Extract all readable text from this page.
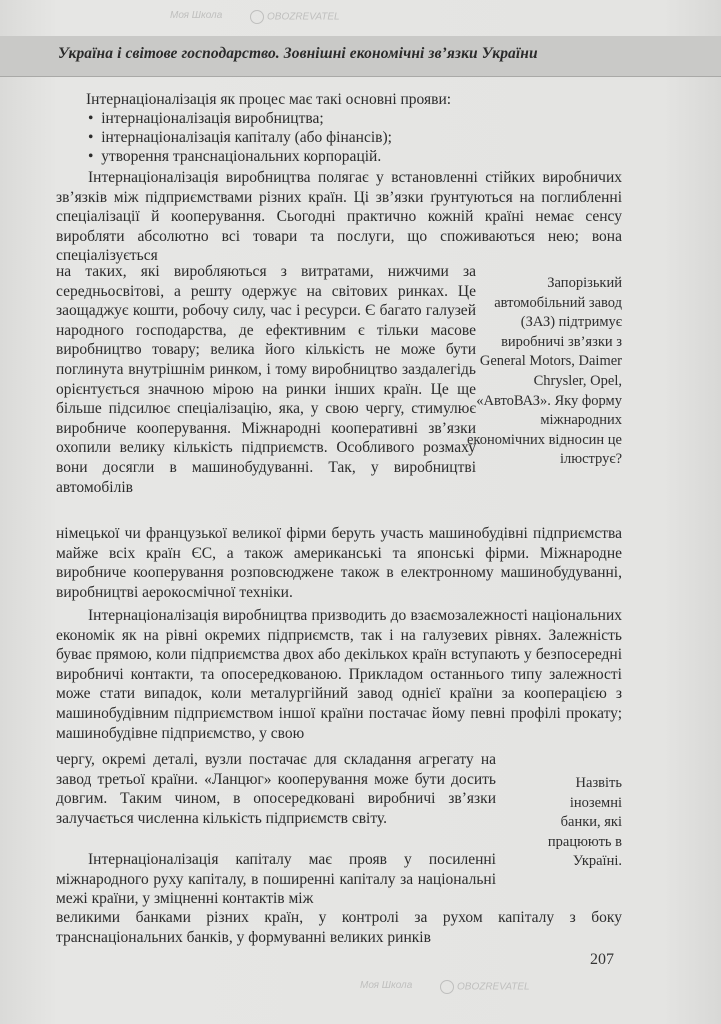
Україна і світове господарство. Зовнішні економічні зв’язки України
Інтернаціоналізація як процес має такі основні прояви:
•  інтернаціоналізація виробництва;
•  інтернаціоналізація капіталу (або фінансів);
•  утворення транснаціональних корпорацій.

Інтернаціоналізація виробництва полягає у встановленні стійких виробничих зв’язків між підприємствами різних країн. Ці зв’язки ґрунтуються на поглибленні спеціалізації й кооперування. Сьогодні практично кожній країні немає сенсу виробляти абсолютно всі товари та послуги, що споживаються нею; вона спеціалізується

на таких, які виробляються з витратами, нижчими за середньосвітові, а решту одержує на світових ринках. Це заощаджує кошти, робочу силу, час і ресурси. Є багато галузей народного господарства, де ефективним є тільки масове виробництво товару; велика його кількість не може бути поглинута внутрішнім ринком, і тому виробництво заздалегідь орієнтується значною мірою на ринки інших країн. Це ще більше підсилює спеціалізацію, яка, у свою чергу, стимулює виробниче кооперування. Міжнародні кооперативні зв’язки охопили велику кількість підприємств. Особливого розмаху вони досягли в машинобудуванні. Так, у виробництві автомобілів

німецької чи французької великої фірми беруть участь машинобудівні підприємства майже всіх країн ЄС, а також американські та японські фірми. Міжнародне виробниче кооперування розповсюджене також в електронному машинобудуванні, виробництві аерокосмічної техніки.

Інтернаціоналізація виробництва призводить до взаємозалежності національних економік як на рівні окремих підприємств, так і на галузевих рівнях. Залежність буває прямою, коли підприємства двох або декількох країн вступають у безпосередні виробничі контакти, та опосередкованою. Прикладом останнього типу залежності може стати випадок, коли металургійний завод однієї країни за кооперацією з машинобудівним підприємством іншої країни постачає йому певні профілі прокату; машинобудівне підприємство, у свою

чергу, окремі деталі, вузли постачає для складання агрегату на завод третьої країни. «Ланцюг» кооперування може бути досить довгим. Таким чином, в опосередковані виробничі зв’язки залучається численна кількість підприємств світу.

Інтернаціоналізація капіталу має прояв у посиленні міжнародного руху капіталу, в поширенні капіталу за національні межі країни, у зміцненні контактів між

великими банками різних країн, у контролі за рухом капіталу з боку транснаціональних банків, у формуванні великих ринків

Запорізький автомобільний завод (ЗАЗ) підтримує виробничі зв’язки з General Motors, Daimer Chrysler, Opel, «АвтоВАЗ». Яку форму міжнародних економічних відносин це ілюструє?
Назвіть іноземні банки, які працюють в Україні.
207
Моя Школа	OBOZREVATEL
Моя Школа	OBOZREVATEL
